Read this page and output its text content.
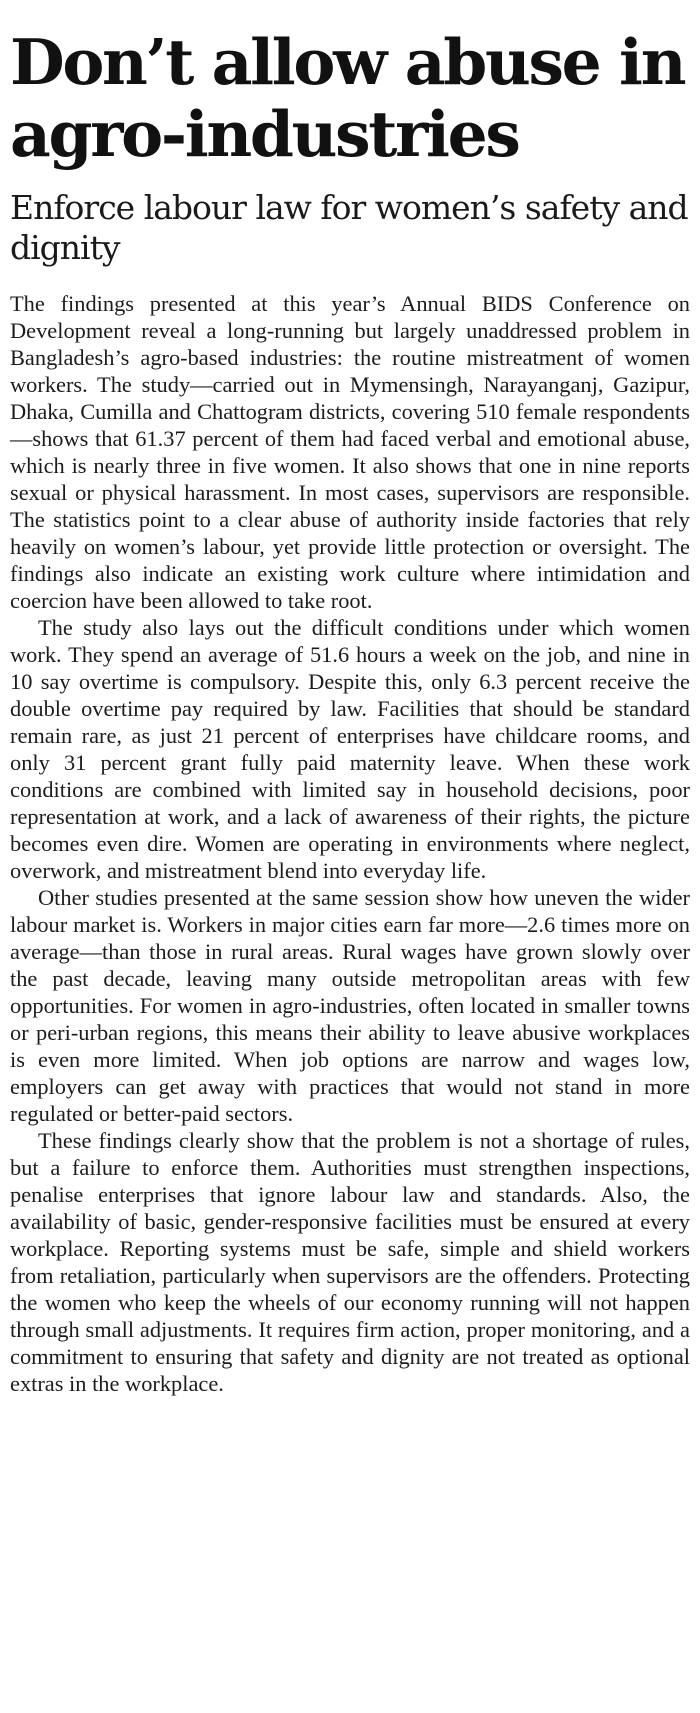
Don’t allow abuse in agro-industries
Enforce labour law for women’s safety and dignity

The findings presented at this year’s Annual BIDS Conference on Development reveal a long-running but largely unaddressed problem in Bangladesh’s agro-based industries: the routine mistreatment of women workers. The study—carried out in Mymensingh, Narayanganj, Gazipur, Dhaka, Cumilla and Chattogram districts, covering 510 female respondents—shows that 61.37 percent of them had faced verbal and emotional abuse, which is nearly three in five women. It also shows that one in nine reports sexual or physical harassment. In most cases, supervisors are responsible. The statistics point to a clear abuse of authority inside factories that rely heavily on women’s labour, yet provide little protection or oversight. The findings also indicate an existing work culture where intimidation and coercion have been allowed to take root.

The study also lays out the difficult conditions under which women work. They spend an average of 51.6 hours a week on the job, and nine in 10 say overtime is compulsory. Despite this, only 6.3 percent receive the double overtime pay required by law. Facilities that should be standard remain rare, as just 21 percent of enterprises have childcare rooms, and only 31 percent grant fully paid maternity leave. When these work conditions are combined with limited say in household decisions, poor representation at work, and a lack of awareness of their rights, the picture becomes even dire. Women are operating in environments where neglect, overwork, and mistreatment blend into everyday life.

Other studies presented at the same session show how uneven the wider labour market is. Workers in major cities earn far more—2.6 times more on average—than those in rural areas. Rural wages have grown slowly over the past decade, leaving many outside metropolitan areas with few opportunities. For women in agro-industries, often located in smaller towns or peri-urban regions, this means their ability to leave abusive workplaces is even more limited. When job options are narrow and wages low, employers can get away with practices that would not stand in more regulated or better-paid sectors.

These findings clearly show that the problem is not a shortage of rules, but a failure to enforce them. Authorities must strengthen inspections, penalise enterprises that ignore labour law and standards. Also, the availability of basic, gender-responsive facilities must be ensured at every workplace. Reporting systems must be safe, simple and shield workers from retaliation, particularly when supervisors are the offenders. Protecting the women who keep the wheels of our economy running will not happen through small adjustments. It requires firm action, proper monitoring, and a commitment to ensuring that safety and dignity are not treated as optional extras in the workplace.
